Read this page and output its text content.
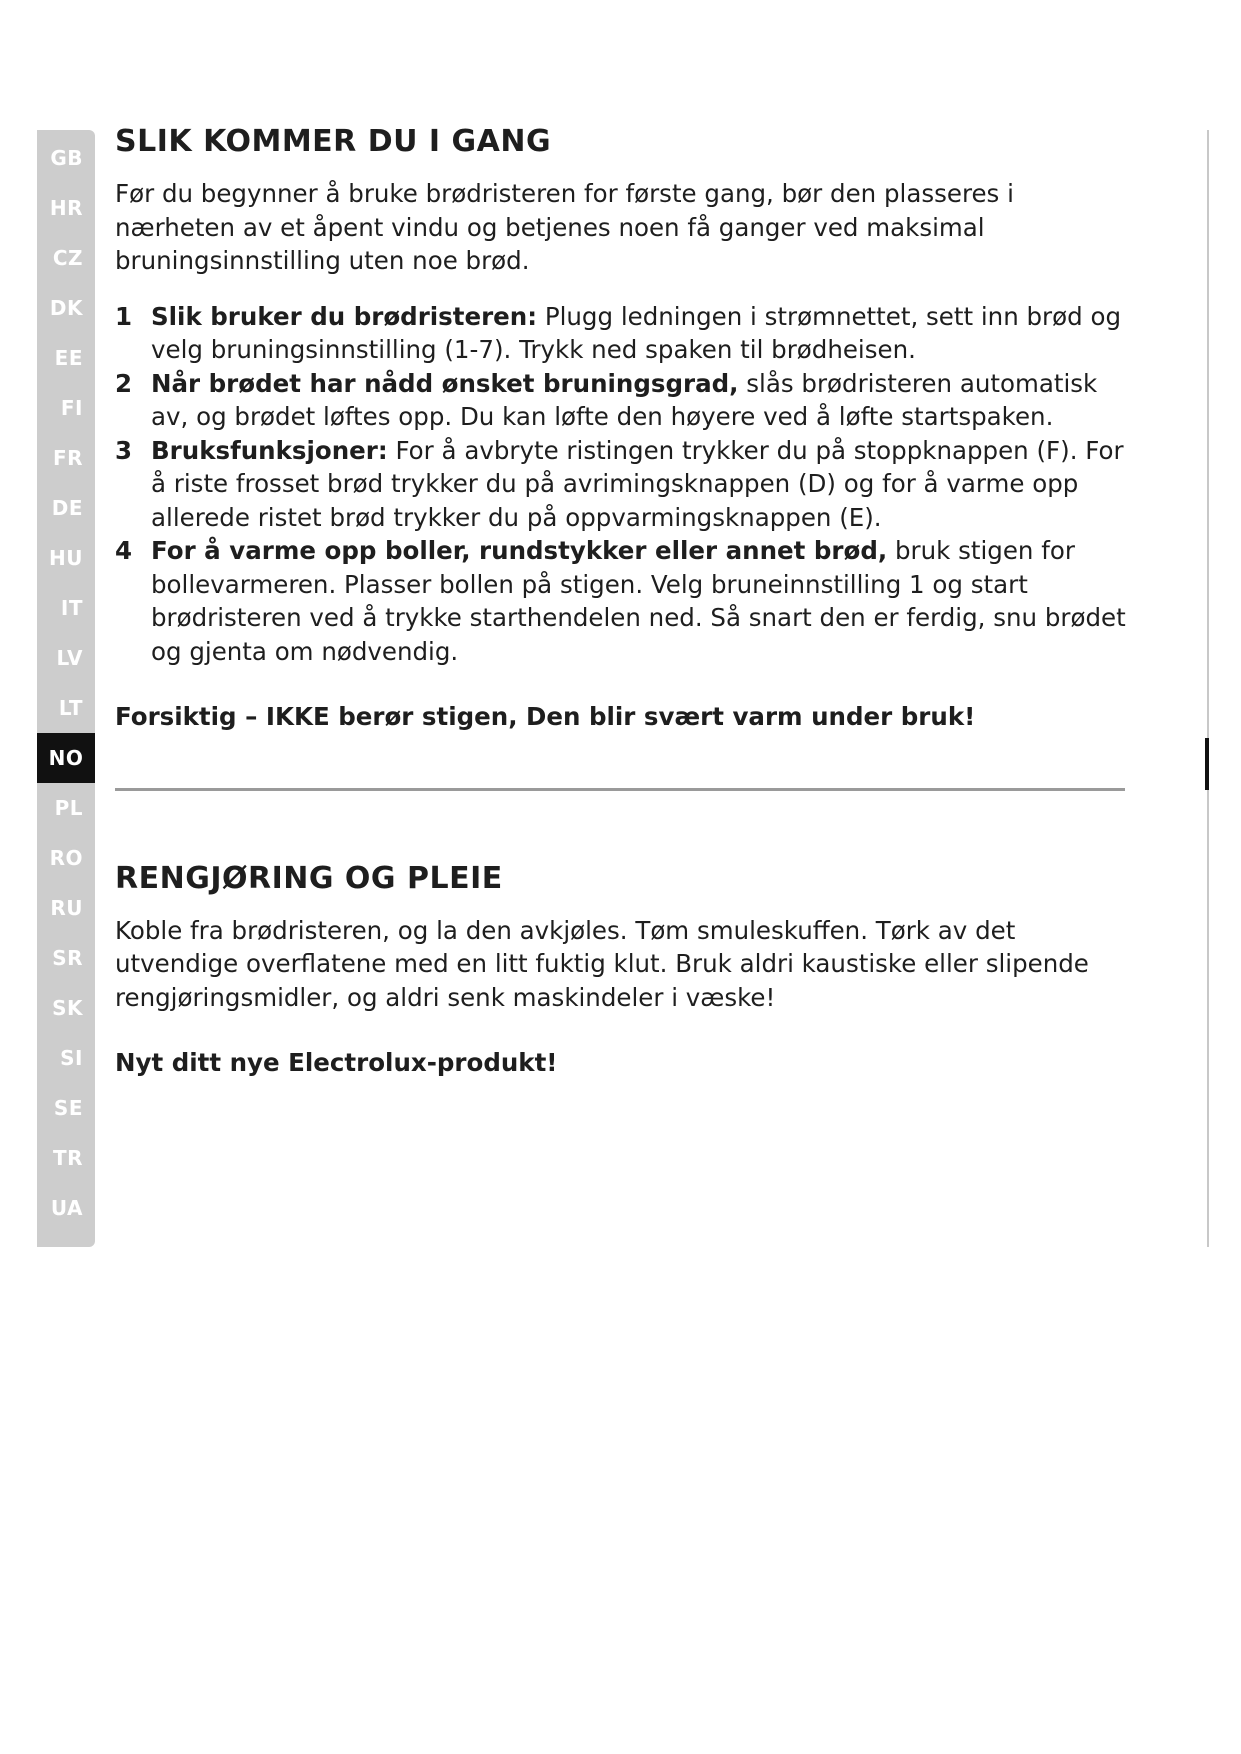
GB
HR
CZ
DK
EE
FI
FR
DE
HU
IT
LV
LT
NO
PL
RO
RU
SR
SK
SI
SE
TR
UA
SLIK KOMMER DU I GANG

Før du begynner å bruke brødristeren for første gang, bør den plasseres i nærheten av et åpent vindu og betjenes noen få ganger ved maksimal bruningsinnstilling uten noe brød.

1 Slik bruker du brødristeren: Plugg ledningen i strømnettet, sett inn brød og velg bruningsinnstilling (1-7). Trykk ned spaken til brødheisen.
2 Når brødet har nådd ønsket bruningsgrad, slås brødristeren automatisk av, og brødet løftes opp. Du kan løfte den høyere ved å løfte startspaken.
3 Bruksfunksjoner: For å avbryte ristingen trykker du på stoppknappen (F). For å riste frosset brød trykker du på avrimingsknappen (D) og for å varme opp allerede ristet brød trykker du på oppvarmingsknappen (E).
4 For å varme opp boller, rundstykker eller annet brød, bruk stigen for bollevarmeren. Plasser bollen på stigen. Velg bruneinnstilling 1 og start brødristeren ved å trykke starthendelen ned. Så snart den er ferdig, snu brødet og gjenta om nødvendig.

Forsiktig – IKKE berør stigen, Den blir svært varm under bruk!

RENGJØRING OG PLEIE

Koble fra brødristeren, og la den avkjøles. Tøm smuleskuffen. Tørk av det utvendige overflatene med en litt fuktig klut. Bruk aldri kaustiske eller slipende rengjøringsmidler, og aldri senk maskindeler i væske!

Nyt ditt nye Electrolux-produkt!
